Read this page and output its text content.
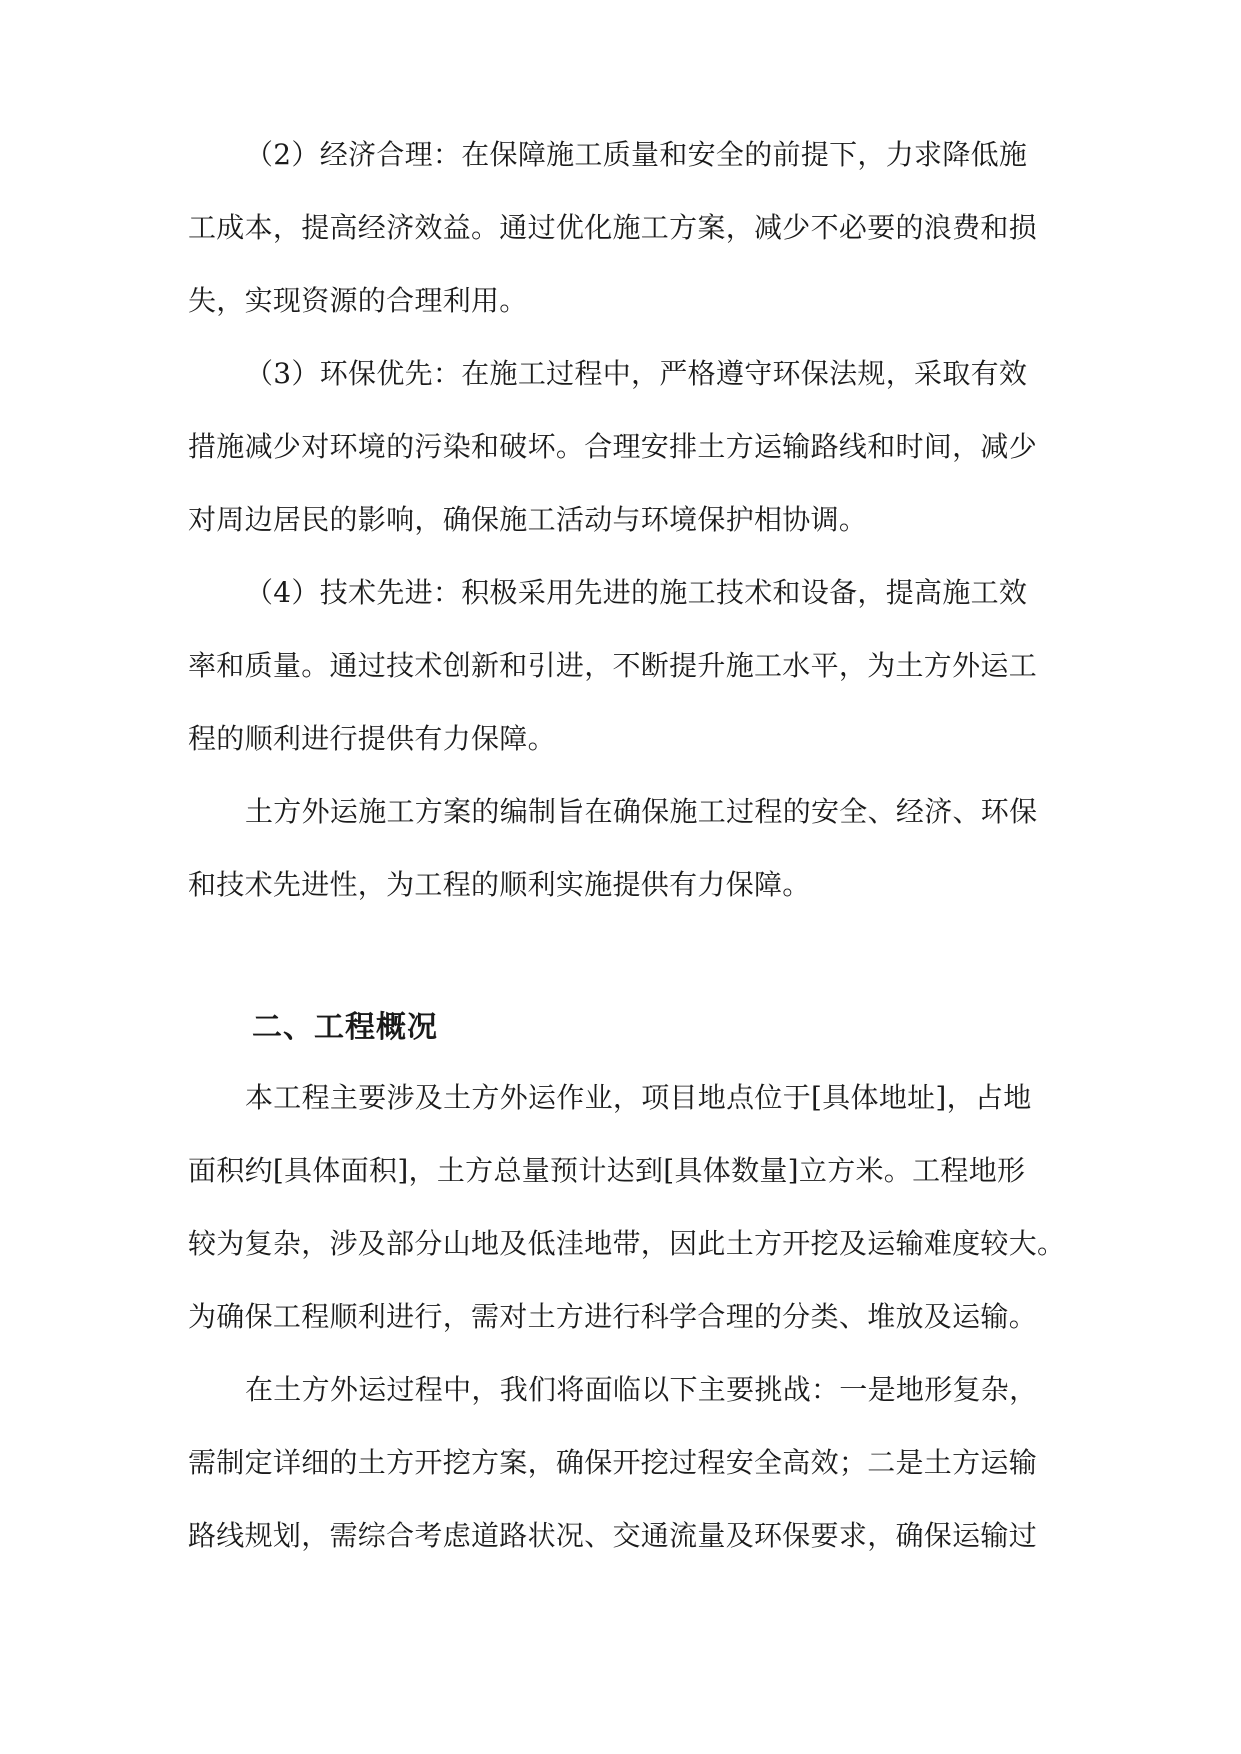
（2）经济合理：在保障施工质量和安全的前提下，力求降低施
工成本，提高经济效益。通过优化施工方案，减少不必要的浪费和损
失，实现资源的合理利用。

（3）环保优先：在施工过程中，严格遵守环保法规，采取有效
措施减少对环境的污染和破坏。合理安排土方运输路线和时间，减少
对周边居民的影响，确保施工活动与环境保护相协调。

（4）技术先进：积极采用先进的施工技术和设备，提高施工效
率和质量。通过技术创新和引进，不断提升施工水平，为土方外运工
程的顺利进行提供有力保障。

土方外运施工方案的编制旨在确保施工过程的安全、经济、环保
和技术先进性，为工程的顺利实施提供有力保障。

二、工程概况

本工程主要涉及土方外运作业，项目地点位于[具体地址]，占地
面积约[具体面积]，土方总量预计达到[具体数量]立方米。工程地形
较为复杂，涉及部分山地及低洼地带，因此土方开挖及运输难度较大。
为确保工程顺利进行，需对土方进行科学合理的分类、堆放及运输。

在土方外运过程中，我们将面临以下主要挑战：一是地形复杂，
需制定详细的土方开挖方案，确保开挖过程安全高效；二是土方运输
路线规划，需综合考虑道路状况、交通流量及环保要求，确保运输过
